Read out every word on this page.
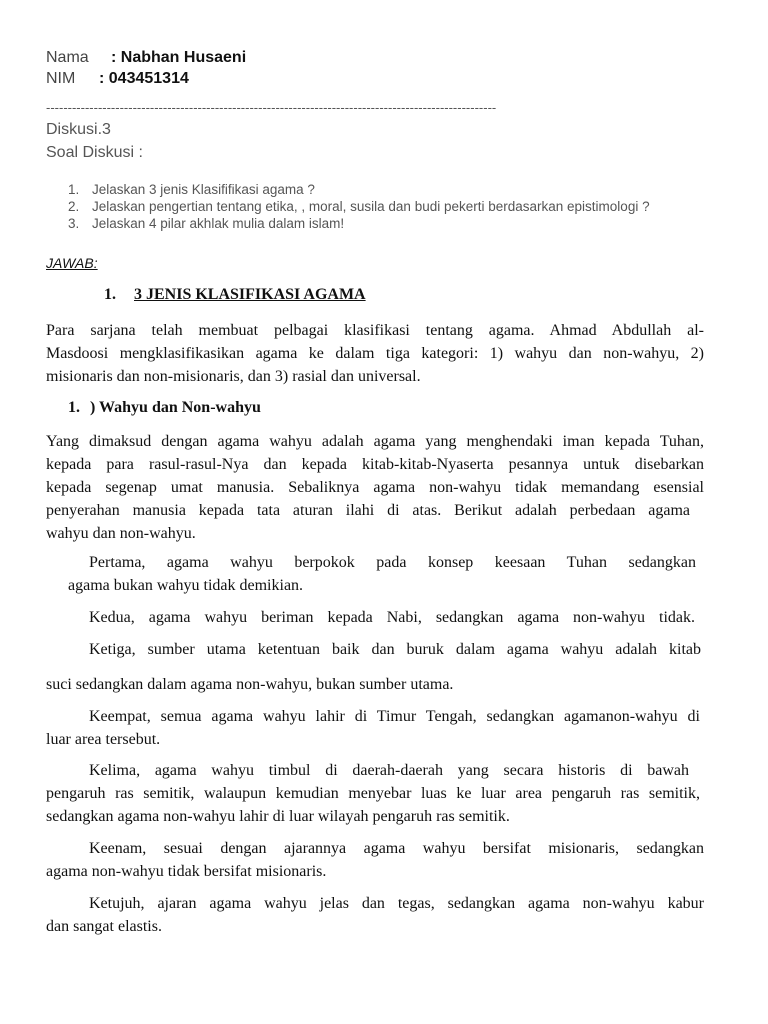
Nama : Nabhan Husaeni
NIM : 043451314
--------------------------------------------------------------------------------------------------------
Diskusi.3
Soal Diskusi :
1. Jelaskan 3 jenis Klasififikasi agama ?
2. Jelaskan pengertian tentang etika, , moral, susila dan budi pekerti berdasarkan epistimologi ?
3. Jelaskan 4 pilar akhlak mulia dalam islam!
JAWAB:
1. 3 JENIS KLASIFIKASI AGAMA
Para sarjana telah membuat pelbagai klasifikasi tentang agama. Ahmad Abdullah al-
Masdoosi mengklasifikasikan agama ke dalam tiga kategori: 1) wahyu dan non-wahyu, 2)
misionaris dan non-misionaris, dan 3) rasial dan universal.
1. ) Wahyu dan Non-wahyu
Yang dimaksud dengan agama wahyu adalah agama yang menghendaki iman kepada Tuhan,
kepada para rasul-rasul-Nya dan kepada kitab-kitab-Nyaserta pesannya untuk disebarkan
kepada segenap umat manusia. Sebaliknya agama non-wahyu tidak memandang esensial
penyerahan manusia kepada tata aturan ilahi di atas. Berikut adalah perbedaan agama
wahyu dan non-wahyu.
Pertama, agama wahyu berpokok pada konsep keesaan Tuhan sedangkan
agama bukan wahyu tidak demikian.
Kedua, agama wahyu beriman kepada Nabi, sedangkan agama non-wahyu tidak.
Ketiga, sumber utama ketentuan baik dan buruk dalam agama wahyu adalah kitab
suci sedangkan dalam agama non-wahyu, bukan sumber utama.
Keempat, semua agama wahyu lahir di Timur Tengah, sedangkan agamanon-wahyu di
luar area tersebut.
Kelima, agama wahyu timbul di daerah-daerah yang secara historis di bawah
pengaruh ras semitik, walaupun kemudian menyebar luas ke luar area pengaruh ras semitik,
sedangkan agama non-wahyu lahir di luar wilayah pengaruh ras semitik.
Keenam, sesuai dengan ajarannya agama wahyu bersifat misionaris, sedangkan
agama non-wahyu tidak bersifat misionaris.
Ketujuh, ajaran agama wahyu jelas dan tegas, sedangkan agama non-wahyu kabur
dan sangat elastis.
